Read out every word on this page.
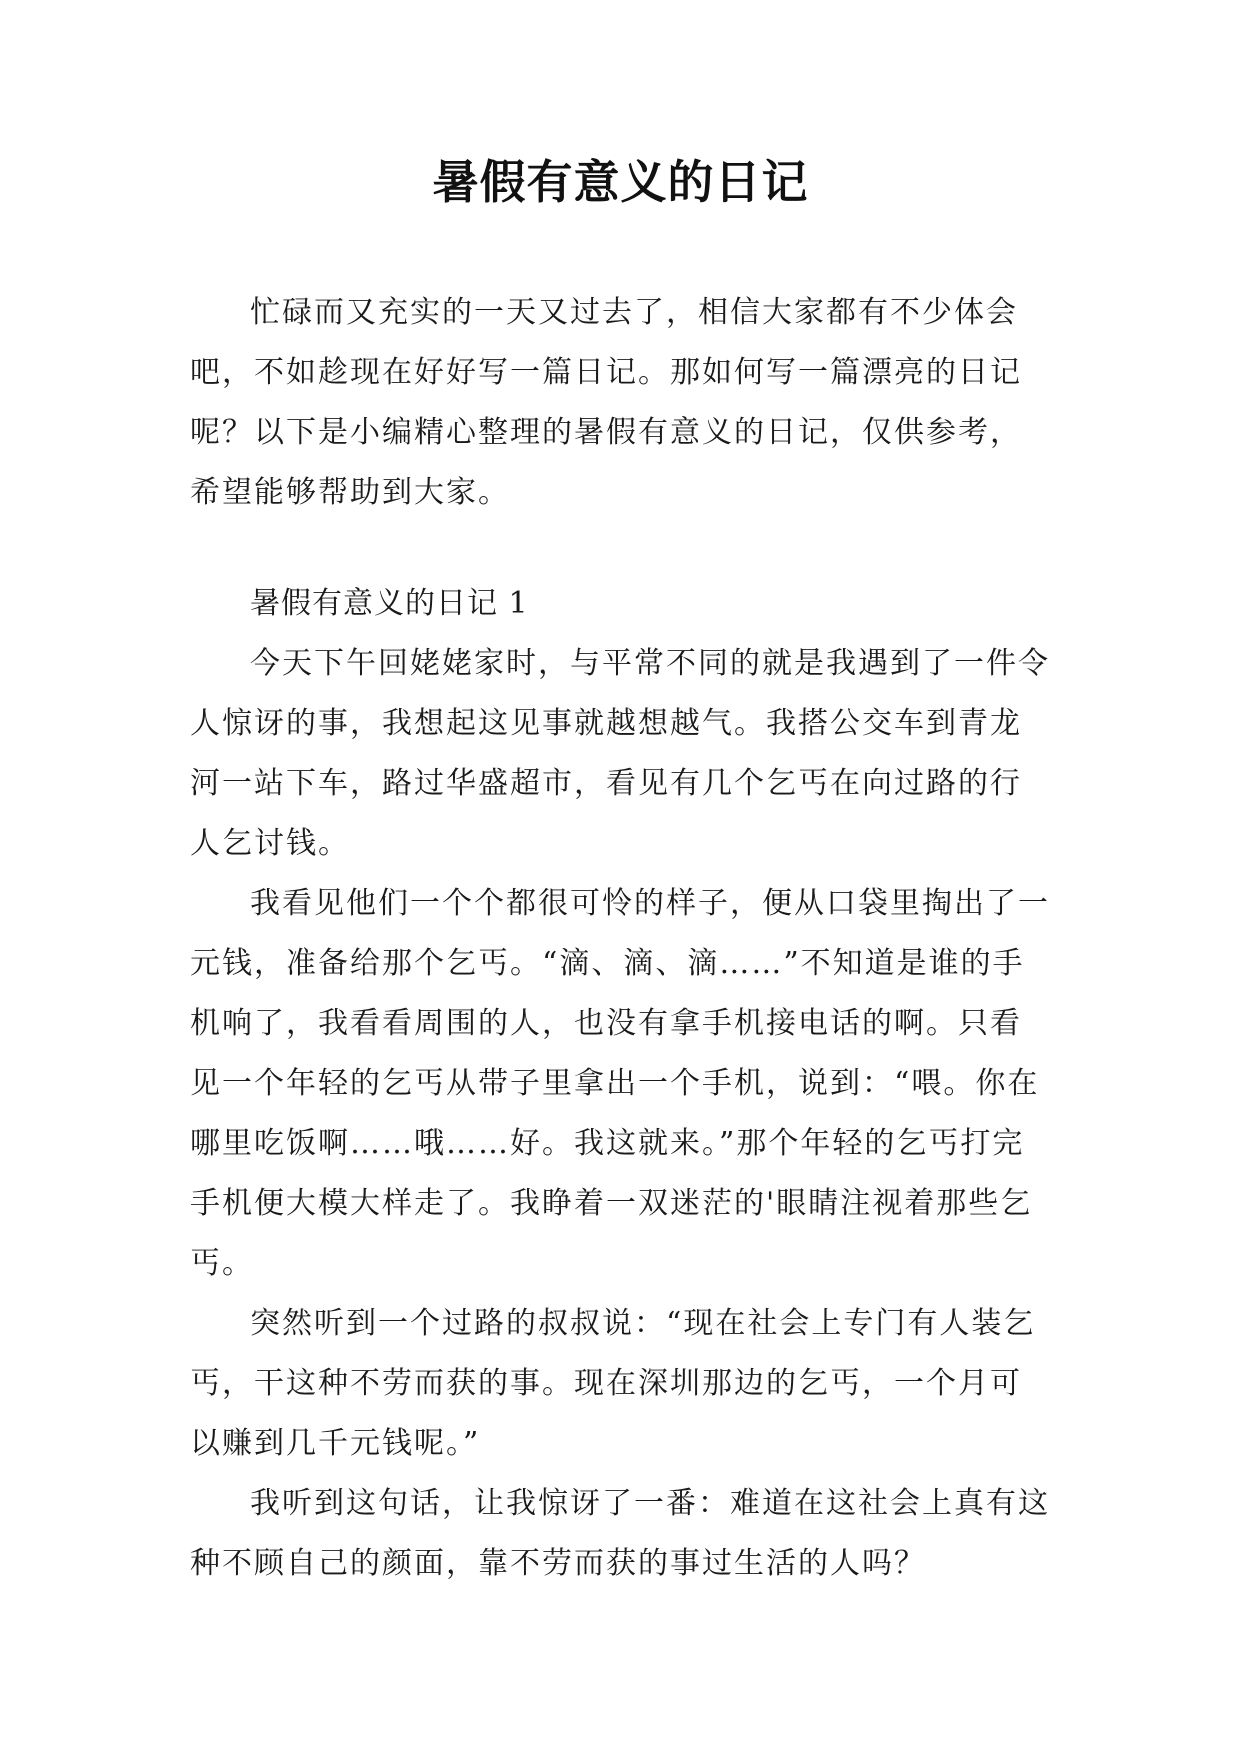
暑假有意义的日记

忙碌而又充实的一天又过去了，相信大家都有不少体会吧，不如趁现在好好写一篇日记。那如何写一篇漂亮的日记呢？以下是小编精心整理的暑假有意义的日记，仅供参考，希望能够帮助到大家。

暑假有意义的日记 1

今天下午回姥姥家时，与平常不同的就是我遇到了一件令人惊讶的事，我想起这见事就越想越气。我搭公交车到青龙河一站下车，路过华盛超市，看见有几个乞丐在向过路的行人乞讨钱。

我看见他们一个个都很可怜的样子，便从口袋里掏出了一元钱，准备给那个乞丐。“滴、滴、滴……”不知道是谁的手机响了，我看看周围的人，也没有拿手机接电话的啊。只看见一个年轻的乞丐从带子里拿出一个手机，说到：“喂。你在哪里吃饭啊……哦……好。我这就来。”那个年轻的乞丐打完手机便大模大样走了。我睁着一双迷茫的'眼睛注视着那些乞丐。

突然听到一个过路的叔叔说：“现在社会上专门有人装乞丐，干这种不劳而获的事。现在深圳那边的乞丐，一个月可以赚到几千元钱呢。”

我听到这句话，让我惊讶了一番：难道在这社会上真有这种不顾自己的颜面，靠不劳而获的事过生活的人吗？
